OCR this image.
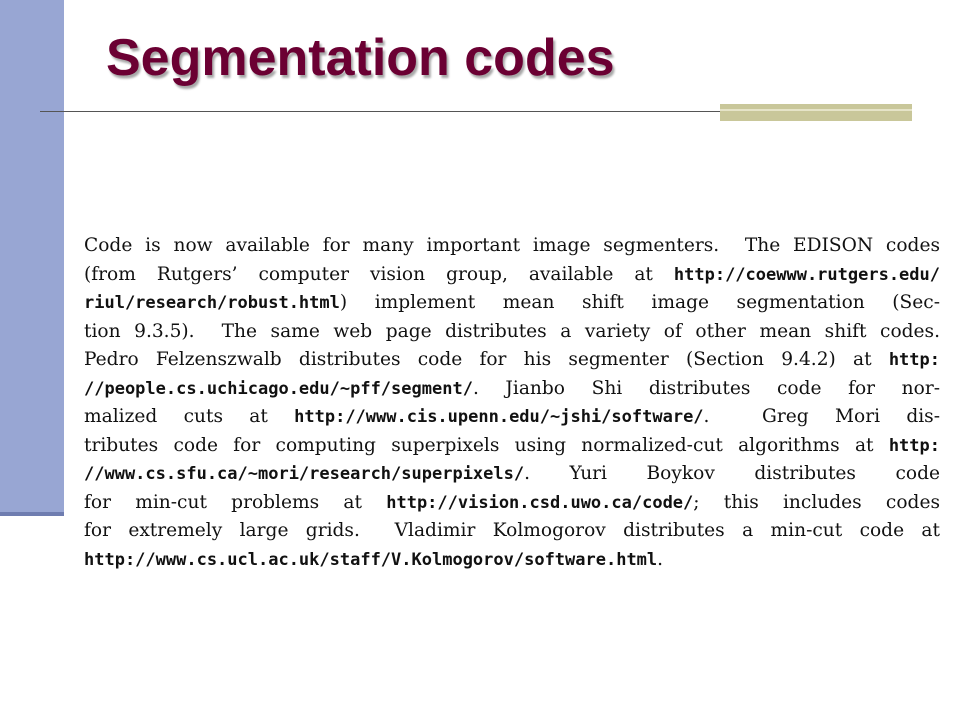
Segmentation codes
Code is now available for many important image segmenters.  The EDISON codes
(from Rutgers’ computer vision group, available at http://coewww.rutgers.edu/
riul/research/robust.html) implement mean shift image segmentation (Sec-
tion 9.3.5).  The same web page distributes a variety of other mean shift codes.
Pedro Felzenszwalb distributes code for his segmenter (Section 9.4.2) at http:
//people.cs.uchicago.edu/~pff/segment/. Jianbo Shi distributes code for nor-
malized cuts at http://www.cis.upenn.edu/~jshi/software/.  Greg Mori dis-
tributes code for computing superpixels using normalized-cut algorithms at http:
//www.cs.sfu.ca/~mori/research/superpixels/. Yuri Boykov distributes code
for min-cut problems at http://vision.csd.uwo.ca/code/; this includes codes
for extremely large grids.  Vladimir Kolmogorov distributes a min-cut code at
http://www.cs.ucl.ac.uk/staff/V.Kolmogorov/software.html.
